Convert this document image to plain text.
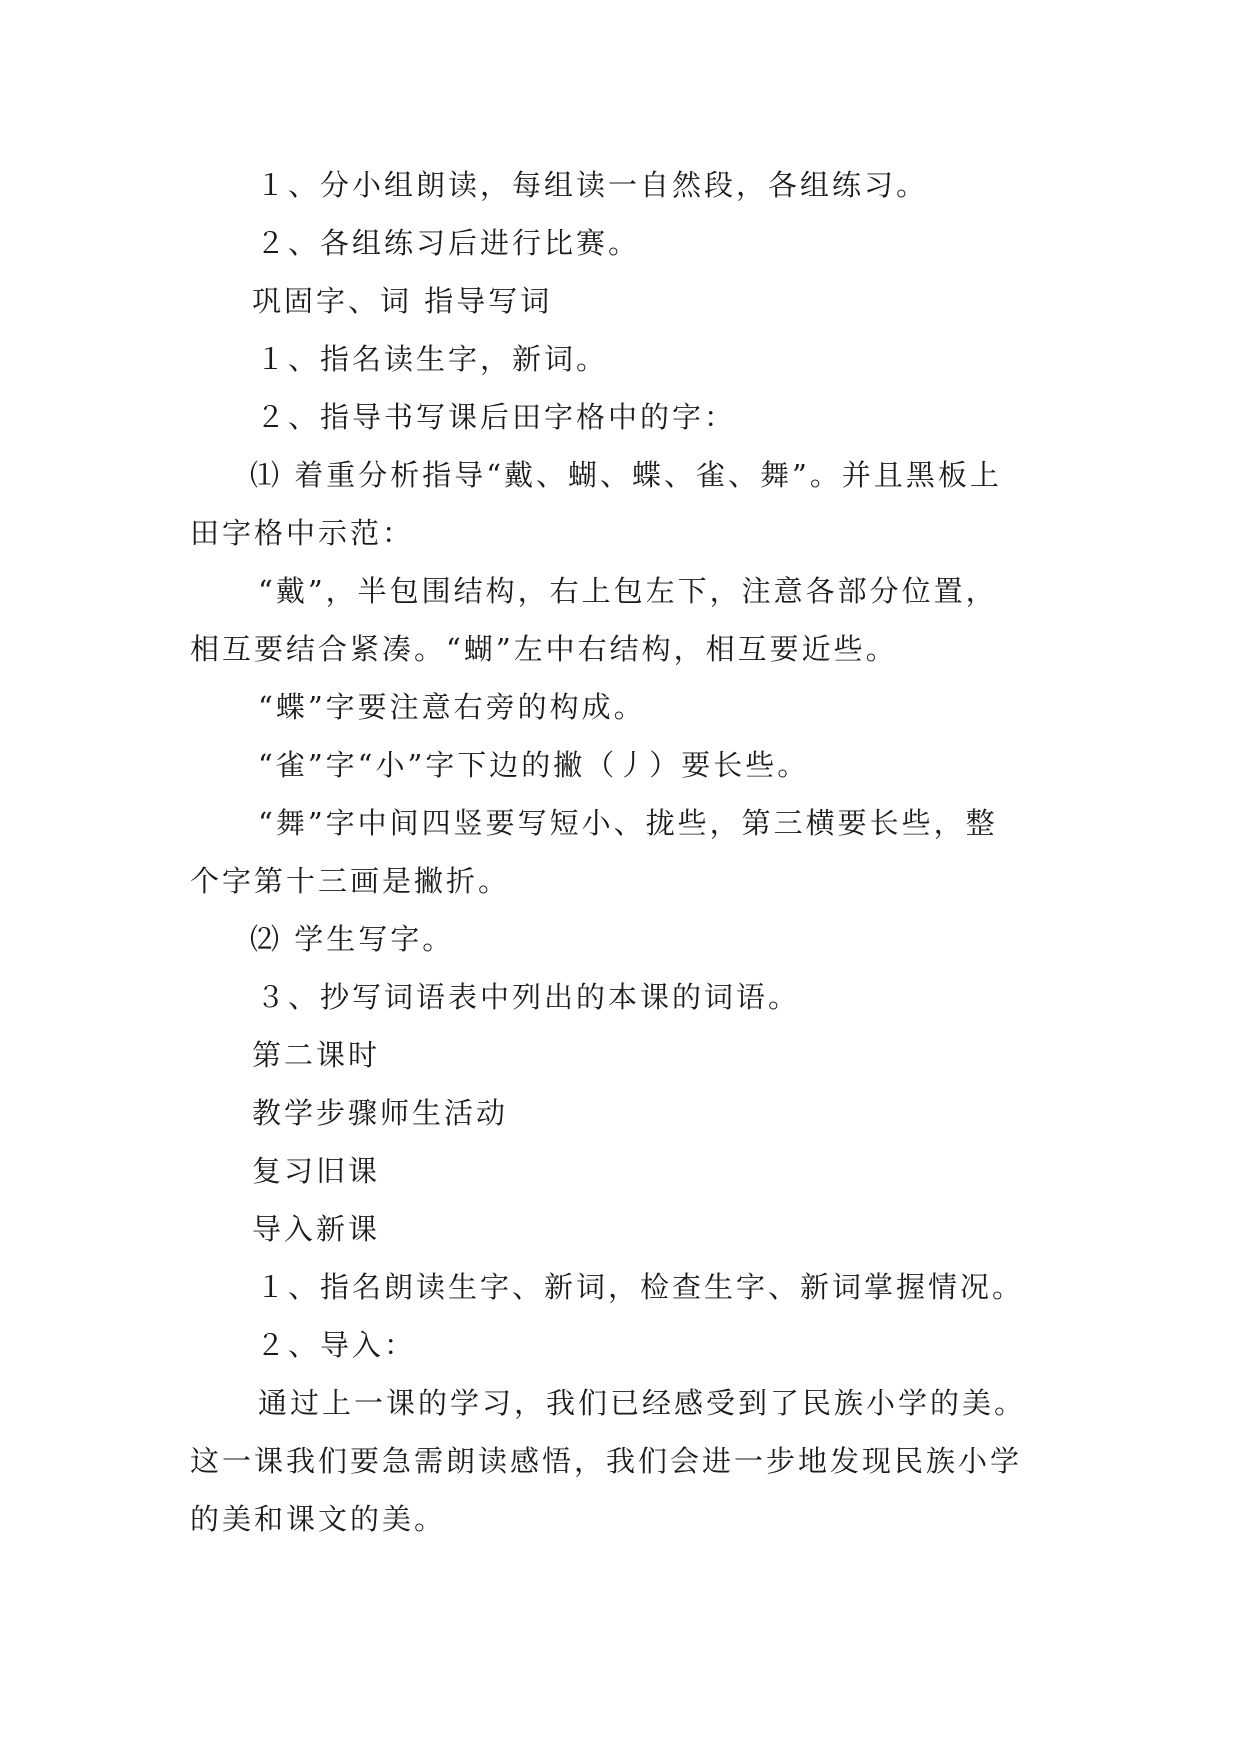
１、分小组朗读，每组读一自然段，各组练习。
２、各组练习后进行比赛。
巩固字、词 指导写词
１、指名读生字，新词。
２、指导书写课后田字格中的字：
⑴ 着重分析指导“戴、蝴、蝶、雀、舞”。并且黑板上
田字格中示范：
“戴”，半包围结构，右上包左下，注意各部分位置，
相互要结合紧凑。“蝴”左中右结构，相互要近些。
“蝶”字要注意右旁的构成。
“雀”字“小”字下边的撇（丿）要长些。
“舞”字中间四竖要写短小、拢些，第三横要长些，整
个字第十三画是撇折。
⑵ 学生写字。
３、抄写词语表中列出的本课的词语。
第二课时
教学步骤师生活动
复习旧课
导入新课
１、指名朗读生字、新词，检查生字、新词掌握情况。
２、导入：
通过上一课的学习，我们已经感受到了民族小学的美。
这一课我们要急需朗读感悟，我们会进一步地发现民族小学
的美和课文的美。
